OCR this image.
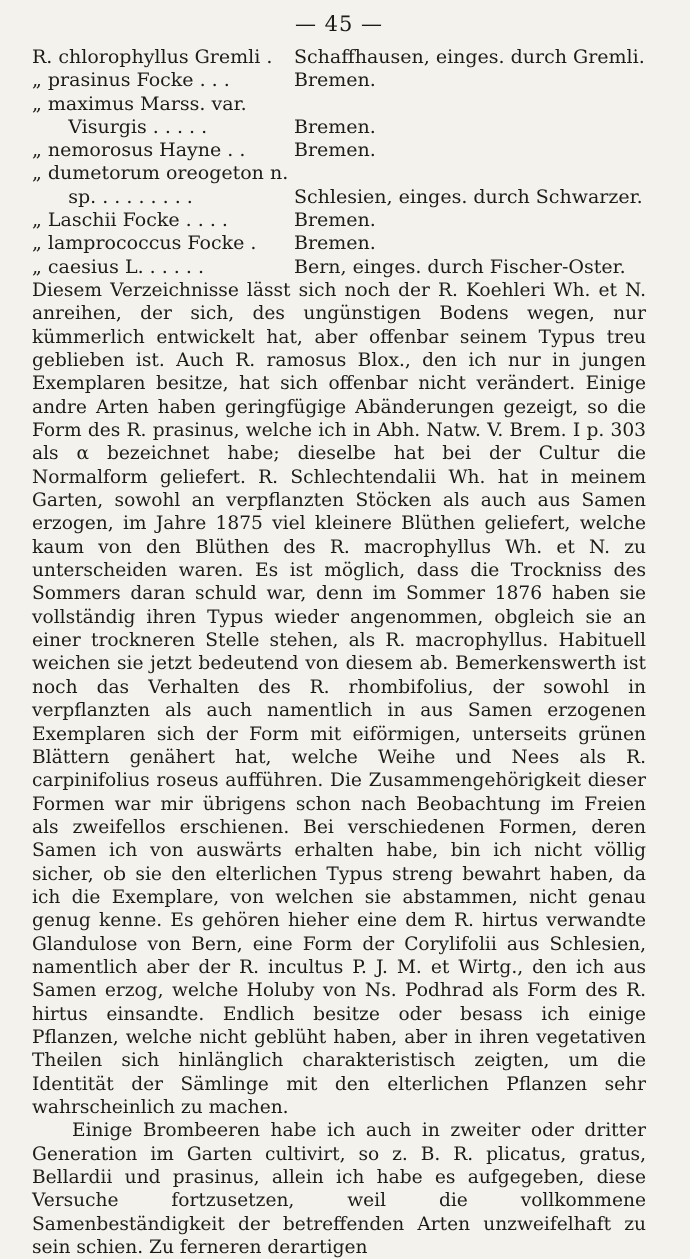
— 45 —
R. chlorophyllus Gremli .	Schaffhausen, einges. durch Gremli.
„ prasinus Focke . . .	Bremen.
„ maximus Marss. var.
Visurgis . . . . .	Bremen.
„ nemorosus Hayne . .	Bremen.
„ dumetorum oreogeton n.
sp. . . . . . . . .	Schlesien, einges. durch Schwarzer.
„ Laschii Focke . . . .	Bremen.
„ lamprococcus Focke .	Bremen.
„ caesius L. . . . . .	Bern, einges. durch Fischer-Oster.

Diesem Verzeichnisse lässt sich noch der R. Koehleri Wh. et N. anreihen, der sich, des ungünstigen Bodens wegen, nur kümmerlich entwickelt hat, aber offenbar seinem Typus treu geblieben ist. Auch R. ramosus Blox., den ich nur in jungen Exemplaren besitze, hat sich offenbar nicht verändert. Einige andre Arten haben geringfügige Abänderungen gezeigt, so die Form des R. prasinus, welche ich in Abh. Natw. V. Brem. I p. 303 als α bezeichnet habe; dieselbe hat bei der Cultur die Normalform geliefert. R. Schlechtendalii Wh. hat in meinem Garten, sowohl an verpflanzten Stöcken als auch aus Samen erzogen, im Jahre 1875 viel kleinere Blüthen geliefert, welche kaum von den Blüthen des R. macrophyllus Wh. et N. zu unterscheiden waren. Es ist möglich, dass die Trockniss des Sommers daran schuld war, denn im Sommer 1876 haben sie vollständig ihren Typus wieder angenommen, obgleich sie an einer trockneren Stelle stehen, als R. macrophyllus. Habituell weichen sie jetzt bedeutend von diesem ab. Bemerkenswerth ist noch das Verhalten des R. rhombifolius, der sowohl in verpflanzten als auch namentlich in aus Samen erzogenen Exemplaren sich der Form mit eiförmigen, unterseits grünen Blättern genähert hat, welche Weihe und Nees als R. carpinifolius roseus aufführen. Die Zusammengehörigkeit dieser Formen war mir übrigens schon nach Beobachtung im Freien als zweifellos erschienen. Bei verschiedenen Formen, deren Samen ich von auswärts erhalten habe, bin ich nicht völlig sicher, ob sie den elterlichen Typus streng bewahrt haben, da ich die Exemplare, von welchen sie abstammen, nicht genau genug kenne. Es gehören hieher eine dem R. hirtus verwandte Glandulose von Bern, eine Form der Corylifolii aus Schlesien, namentlich aber der R. incultus P. J. M. et Wirtg., den ich aus Samen erzog, welche Holuby von Ns. Podhrad als Form des R. hirtus einsandte. Endlich besitze oder besass ich einige Pflanzen, welche nicht geblüht haben, aber in ihren vegetativen Theilen sich hinlänglich charakteristisch zeigten, um die Identität der Sämlinge mit den elterlichen Pflanzen sehr wahrscheinlich zu machen.

Einige Brombeeren habe ich auch in zweiter oder dritter Generation im Garten cultivirt, so z. B. R. plicatus, gratus, Bellardii und prasinus, allein ich habe es aufgegeben, diese Versuche fortzusetzen, weil die vollkommene Samenbeständigkeit der betreffenden Arten unzweifelhaft zu sein schien. Zu ferneren derartigen
